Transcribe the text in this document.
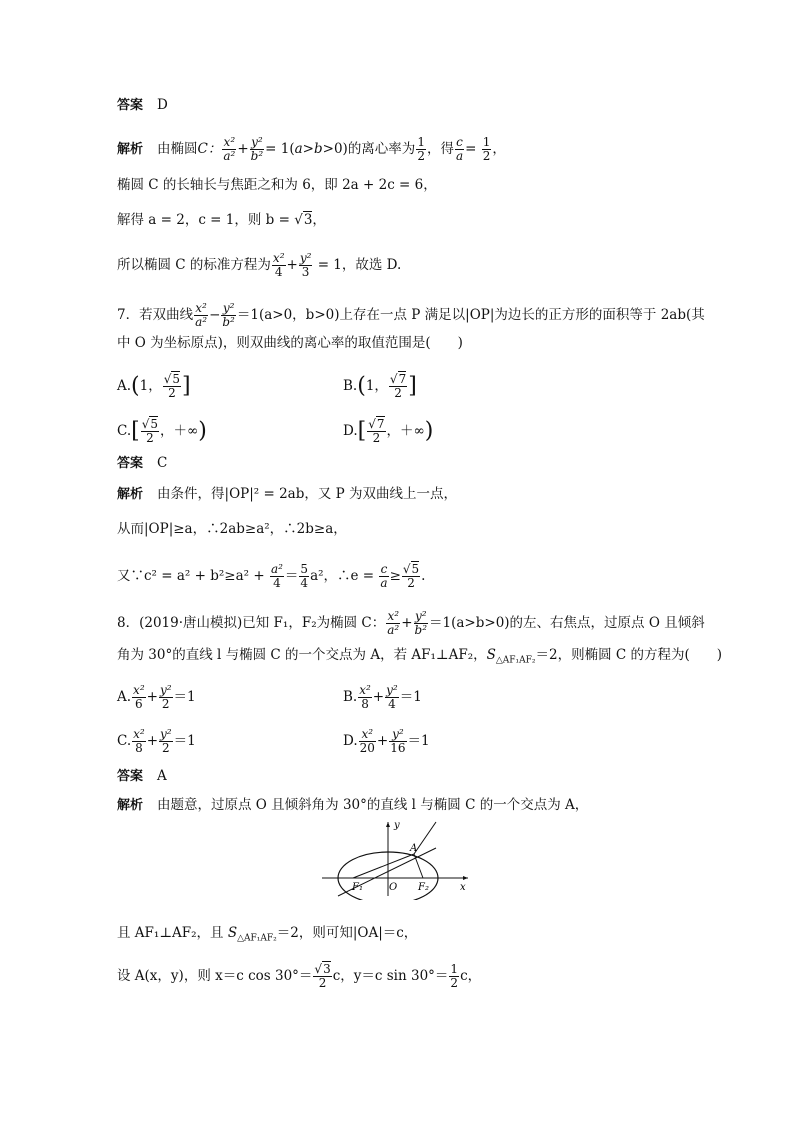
答案 D
解析 由椭圆C： $\frac{\text{x²}}{\text{a²}} + \frac{\text{y²}}{\text{b²}} = 1(a>b>0)$的离心率为 $\frac{1}{2}$ ，得 $\frac{c}{a} = \frac{1}{2}$ ，
椭圆 C 的长轴长与焦距之和为 6，即 2a + 2c = 6，
解得 a = 2，c = 1，则 b = √3，
所以椭圆 C 的标准方程为 $\frac{\text{x²}}{4} + \frac{\text{y²}}{3} = 1$，故选 D.
7．若双曲线 $\frac{\text{x²}}{\text{a²}} - \frac{\text{y²}}{\text{b²}} =1(a>0$，b>0)上存在一点 P 满足以|OP|为边长的正方形的面积等于 2ab(其
中 O 为坐标原点)，则双曲线的离心率的取值范围是(　　)
A.(1， $\frac{√5}{2}$ ]	B.(1， $\frac{√7}{2}$ ]
$C.[ \frac{√5}{2}$ ，＋∞)	$D.[ \frac{√7}{2}$ ，＋∞)
答案 C
解析 由条件，得|OP|² = 2ab，又 P 为双曲线上一点，
从而|OP|≥a，∴2ab≥a²，∴2b≥a，
又∵c² = $a^2 + b^2\ge a^2 + \frac{\text{a²}}{4} = \frac{5}{4} a^2$，∴e = $\frac{c}{a} \ge \frac{√5}{2}$ .
8．(2019·唐山模拟)已知 F₁，F₂为椭圆 C： $\frac{\text{x²}}{\text{a²}} + \frac{\text{y²}}{\text{b²}} =1(a>b>0)$的左、右焦点，过原点 O 且倾斜
角为 30°的直线 l 与椭圆 C 的一个交点为 A，若 AF₁⊥AF₂，$S_{\triangle AF_1AF_2}=2$，则椭圆 C 的方程为(　　)
A. $\frac{\text{x²}}{6} + \frac{\text{y²}}{2} =1$	B. $\frac{\text{x²}}{8} + \frac{\text{y²}}{4} =1$
C. $\frac{\text{x²}}{8} + \frac{\text{y²}}{2} =1$	D. $\frac{\text{x²}}{20} + \frac{\text{y²}}{16} =1$
答案 A
解析 由题意，过原点 O 且倾斜角为 30°的直线 l 与椭圆 C 的一个交点为 A，
y
x
A
O
F₁	F₂
且 AF₁⊥AF₂，且 $S_{\triangle AF_1AF_2}=2$，则可知|OA|＝c，
设 A(x，y)，则 x＝c $\cos 30^\circ= \frac{√3}{2}$ c，y＝c $\sin 30^\circ= \frac{1}{2}$ c，
